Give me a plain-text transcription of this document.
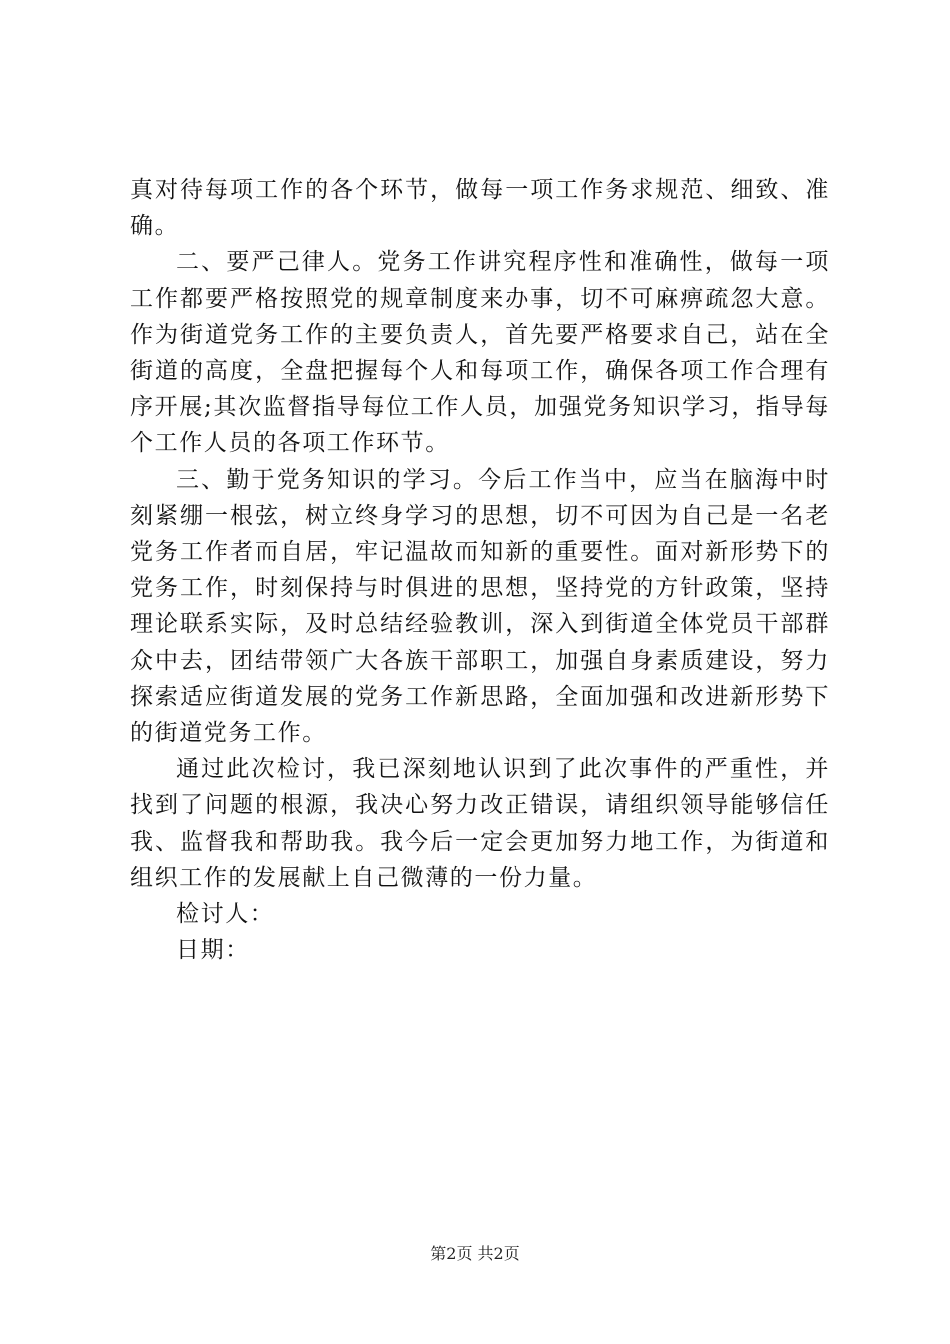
真对待每项工作的各个环节，做每一项工作务求规范、细致、准确。

二、要严己律人。党务工作讲究程序性和准确性，做每一项工作都要严格按照党的规章制度来办事，切不可麻痹疏忽大意。作为街道党务工作的主要负责人，首先要严格要求自己，站在全街道的高度，全盘把握每个人和每项工作，确保各项工作合理有序开展;其次监督指导每位工作人员，加强党务知识学习，指导每个工作人员的各项工作环节。

三、勤于党务知识的学习。今后工作当中，应当在脑海中时刻紧绷一根弦，树立终身学习的思想，切不可因为自己是一名老党务工作者而自居，牢记温故而知新的重要性。面对新形势下的党务工作，时刻保持与时俱进的思想，坚持党的方针政策，坚持理论联系实际，及时总结经验教训，深入到街道全体党员干部群众中去，团结带领广大各族干部职工，加强自身素质建设，努力探索适应街道发展的党务工作新思路，全面加强和改进新形势下的街道党务工作。

通过此次检讨，我已深刻地认识到了此次事件的严重性，并找到了问题的根源，我决心努力改正错误，请组织领导能够信任我、监督我和帮助我。我今后一定会更加努力地工作，为街道和组织工作的发展献上自己微薄的一份力量。

检讨人：

日期：

第2页 共2页
